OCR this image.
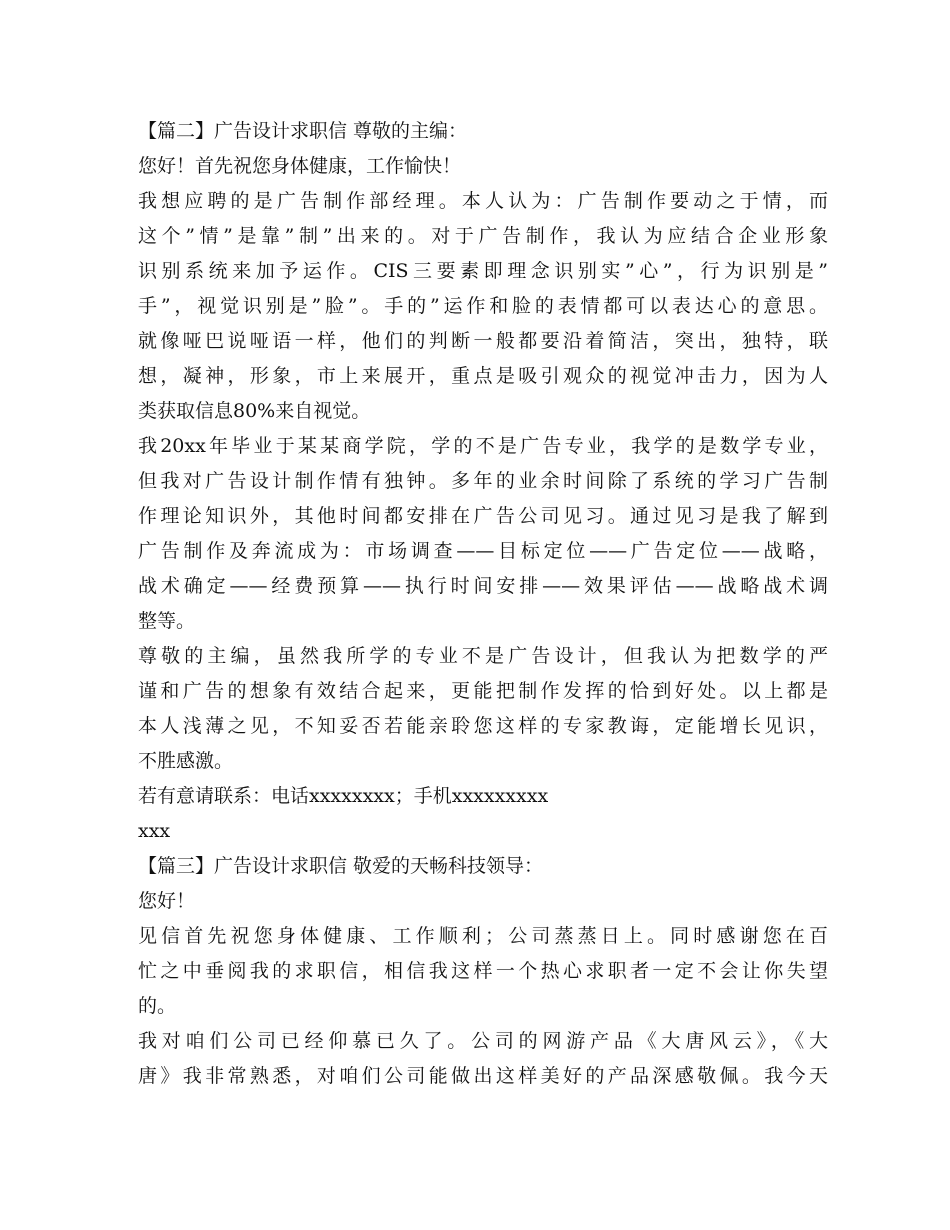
【篇二】广告设计求职信 尊敬的主编：
您好！首先祝您身体健康，工作愉快！
我想应聘的是广告制作部经理。本人认为：广告制作要动之于情，而
这个”情”是靠”制”出来的。对于广告制作，我认为应结合企业形象
识别系统来加予运作。CIS三要素即理念识别实”心”，行为识别是”
手”，视觉识别是”脸”。手的”运作和脸的表情都可以表达心的意思。
就像哑巴说哑语一样，他们的判断一般都要沿着简洁，突出，独特，联
想，凝神，形象，市上来展开，重点是吸引观众的视觉冲击力，因为人
类获取信息80%来自视觉。
我20xx年毕业于某某商学院，学的不是广告专业，我学的是数学专业，
但我对广告设计制作情有独钟。多年的业余时间除了系统的学习广告制
作理论知识外，其他时间都安排在广告公司见习。通过见习是我了解到
广告制作及奔流成为：市场调查——目标定位——广告定位——战略，
战术确定——经费预算——执行时间安排——效果评估——战略战术调
整等。
尊敬的主编，虽然我所学的专业不是广告设计，但我认为把数学的严
谨和广告的想象有效结合起来，更能把制作发挥的恰到好处。以上都是
本人浅薄之见，不知妥否若能亲聆您这样的专家教诲，定能增长见识，
不胜感激。
若有意请联系：电话xxxxxxxx；手机xxxxxxxxx
xxx
【篇三】广告设计求职信 敬爱的天畅科技领导：
您好！
见信首先祝您身体健康、工作顺利；公司蒸蒸日上。同时感谢您在百
忙之中垂阅我的求职信，相信我这样一个热心求职者一定不会让你失望
的。
我对咱们公司已经仰慕已久了。公司的网游产品《大唐风云》，《大
唐》我非常熟悉，对咱们公司能做出这样美好的产品深感敬佩。我今天
